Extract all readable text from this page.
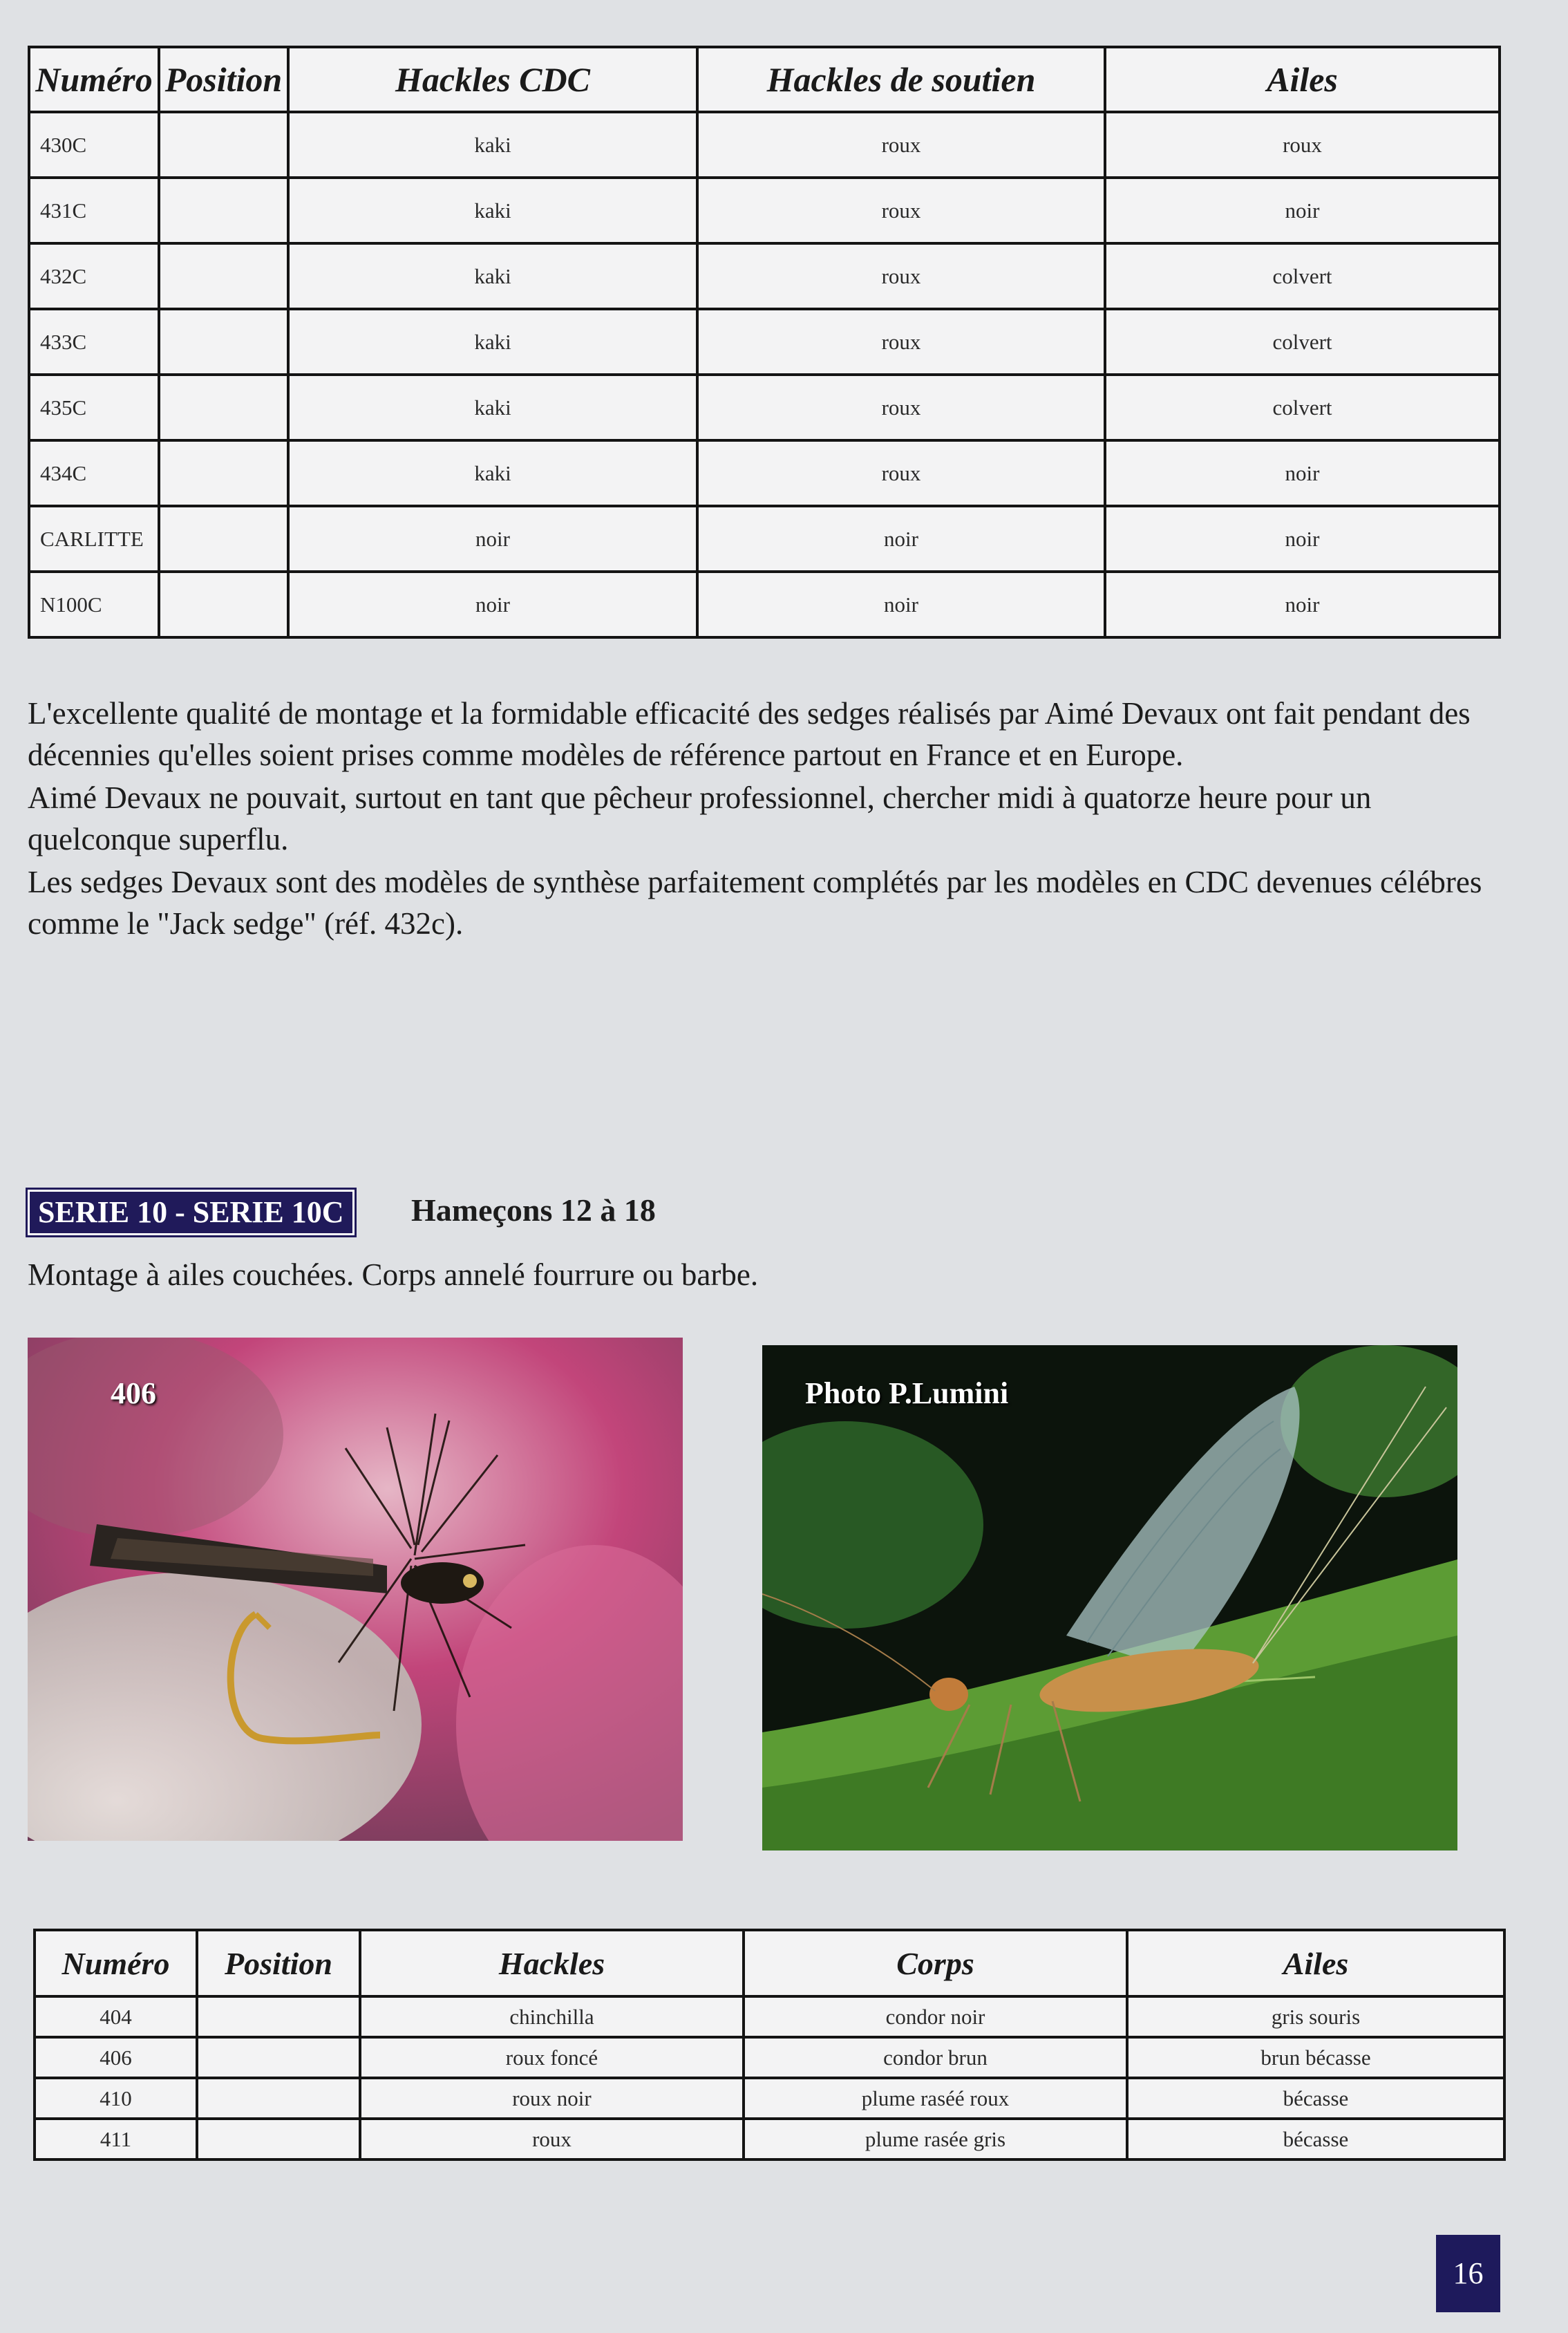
Numéro	Position	Hackles CDC	Hackles de soutien	Ailes
430C		kaki	roux	roux
431C		kaki	roux	noir
432C		kaki	roux	colvert
433C		kaki	roux	colvert
435C		kaki	roux	colvert
434C		kaki	roux	noir
CARLITTE		noir	noir	noir
N100C		noir	noir	noir

L'excellente qualité de montage et la formidable efficacité des sedges réalisés par Aimé Devaux ont fait pendant des décennies qu'elles soient prises comme modèles de référence partout en France et en Europe.

Aimé Devaux ne pouvait, surtout en tant que pêcheur professionnel, chercher midi à quatorze heure pour un quelconque superflu.

Les sedges Devaux sont des modèles de synthèse parfaitement complétés par les modèles en CDC devenues célébres comme le "Jack sedge" (réf. 432c).

SERIE 10 - SERIE 10C	Hameçons 12 à 18

Montage à ailes couchées. Corps annelé fourrure ou barbe.

406	Photo P.Lumini
Numéro	Position	Hackles	Corps	Ailes
404		chinchilla	condor noir	gris souris
406		roux foncé	condor brun	brun bécasse
410		roux noir	plume raséé roux	bécasse
411		roux	plume rasée gris	bécasse
16
